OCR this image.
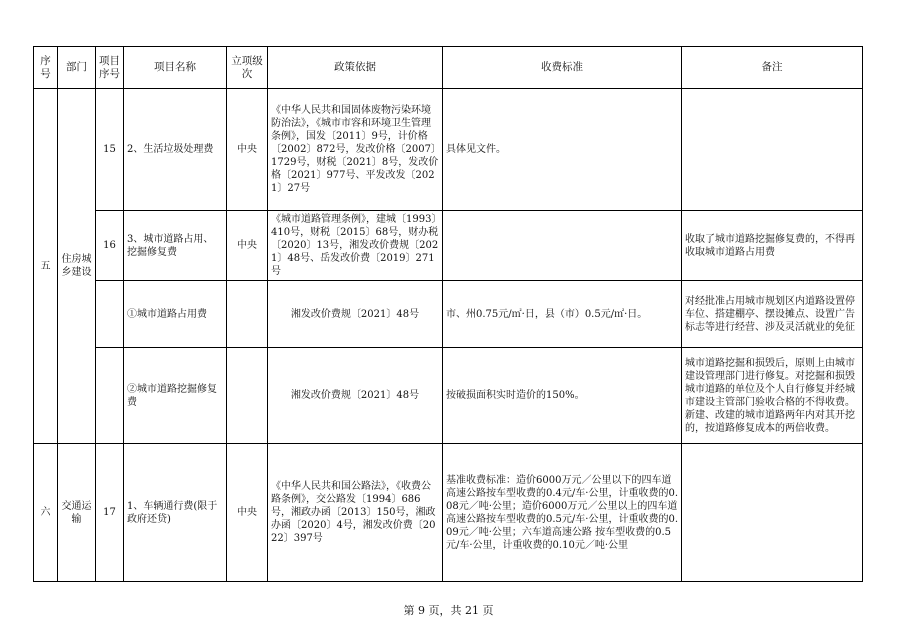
序号	部门	项目序号	项目名称	立项级次	政策依据	收费标准	备注
五	住房城乡建设	15	2、生活垃圾处理费	中央	《中华人民共和国固体废物污染环境防治法》，《城市市容和环境卫生管理条例》，国发〔2011〕9号，计价格〔2002〕872号，发改价格〔2007〕1729号，财税〔2021〕8号，发改价格〔2021〕977号、平发改发〔2021〕27号	具体见文件。	
		16	3、城市道路占用、挖掘修复费	中央	《城市道路管理条例》，建城〔1993〕410号，财税〔2015〕68号，财办税〔2020〕13号，湘发改价费规〔2021〕48号、岳发改价费〔2019〕271号		收取了城市道路挖掘修复费的，不得再收取城市道路占用费
			①城市道路占用费		湘发改价费规〔2021〕48号	市、州0.75元/㎡·日，县（市）0.5元/㎡·日。	对经批准占用城市规划区内道路设置停车位、搭建棚亭、摆设摊点、设置广告标志等进行经营、涉及灵活就业的免征
			②城市道路挖掘修复费		湘发改价费规〔2021〕48号	按破损面积实时造价的150%。	城市道路挖掘和损毁后，原则上由城市建设管理部门进行修复。对挖掘和损毁城市道路的单位及个人自行修复并经城市建设主管部门验收合格的不得收费。新建、改建的城市道路两年内对其开挖的，按道路修复成本的两倍收费。
六	交通运输	17	1、车辆通行费(限于政府还贷)	中央	《中华人民共和国公路法》，《收费公路条例》，交公路发〔1994〕686号，湘政办函〔2013〕150号，湘政办函〔2020〕4号，湘发改价费〔2022〕397号	基准收费标准：造价6000万元／公里以下的四车道高速公路按车型收费的0.4元/车·公里，计重收费的0.08元／吨·公里；造价6000万元／公里以上的四车道高速公路按车型收费的0.5元/车·公里，计重收费的0.09元／吨·公里；六车道高速公路 按车型收费的0.5元/车·公里，计重收费的0.10元／吨·公里	
第 9 页，共 21 页
